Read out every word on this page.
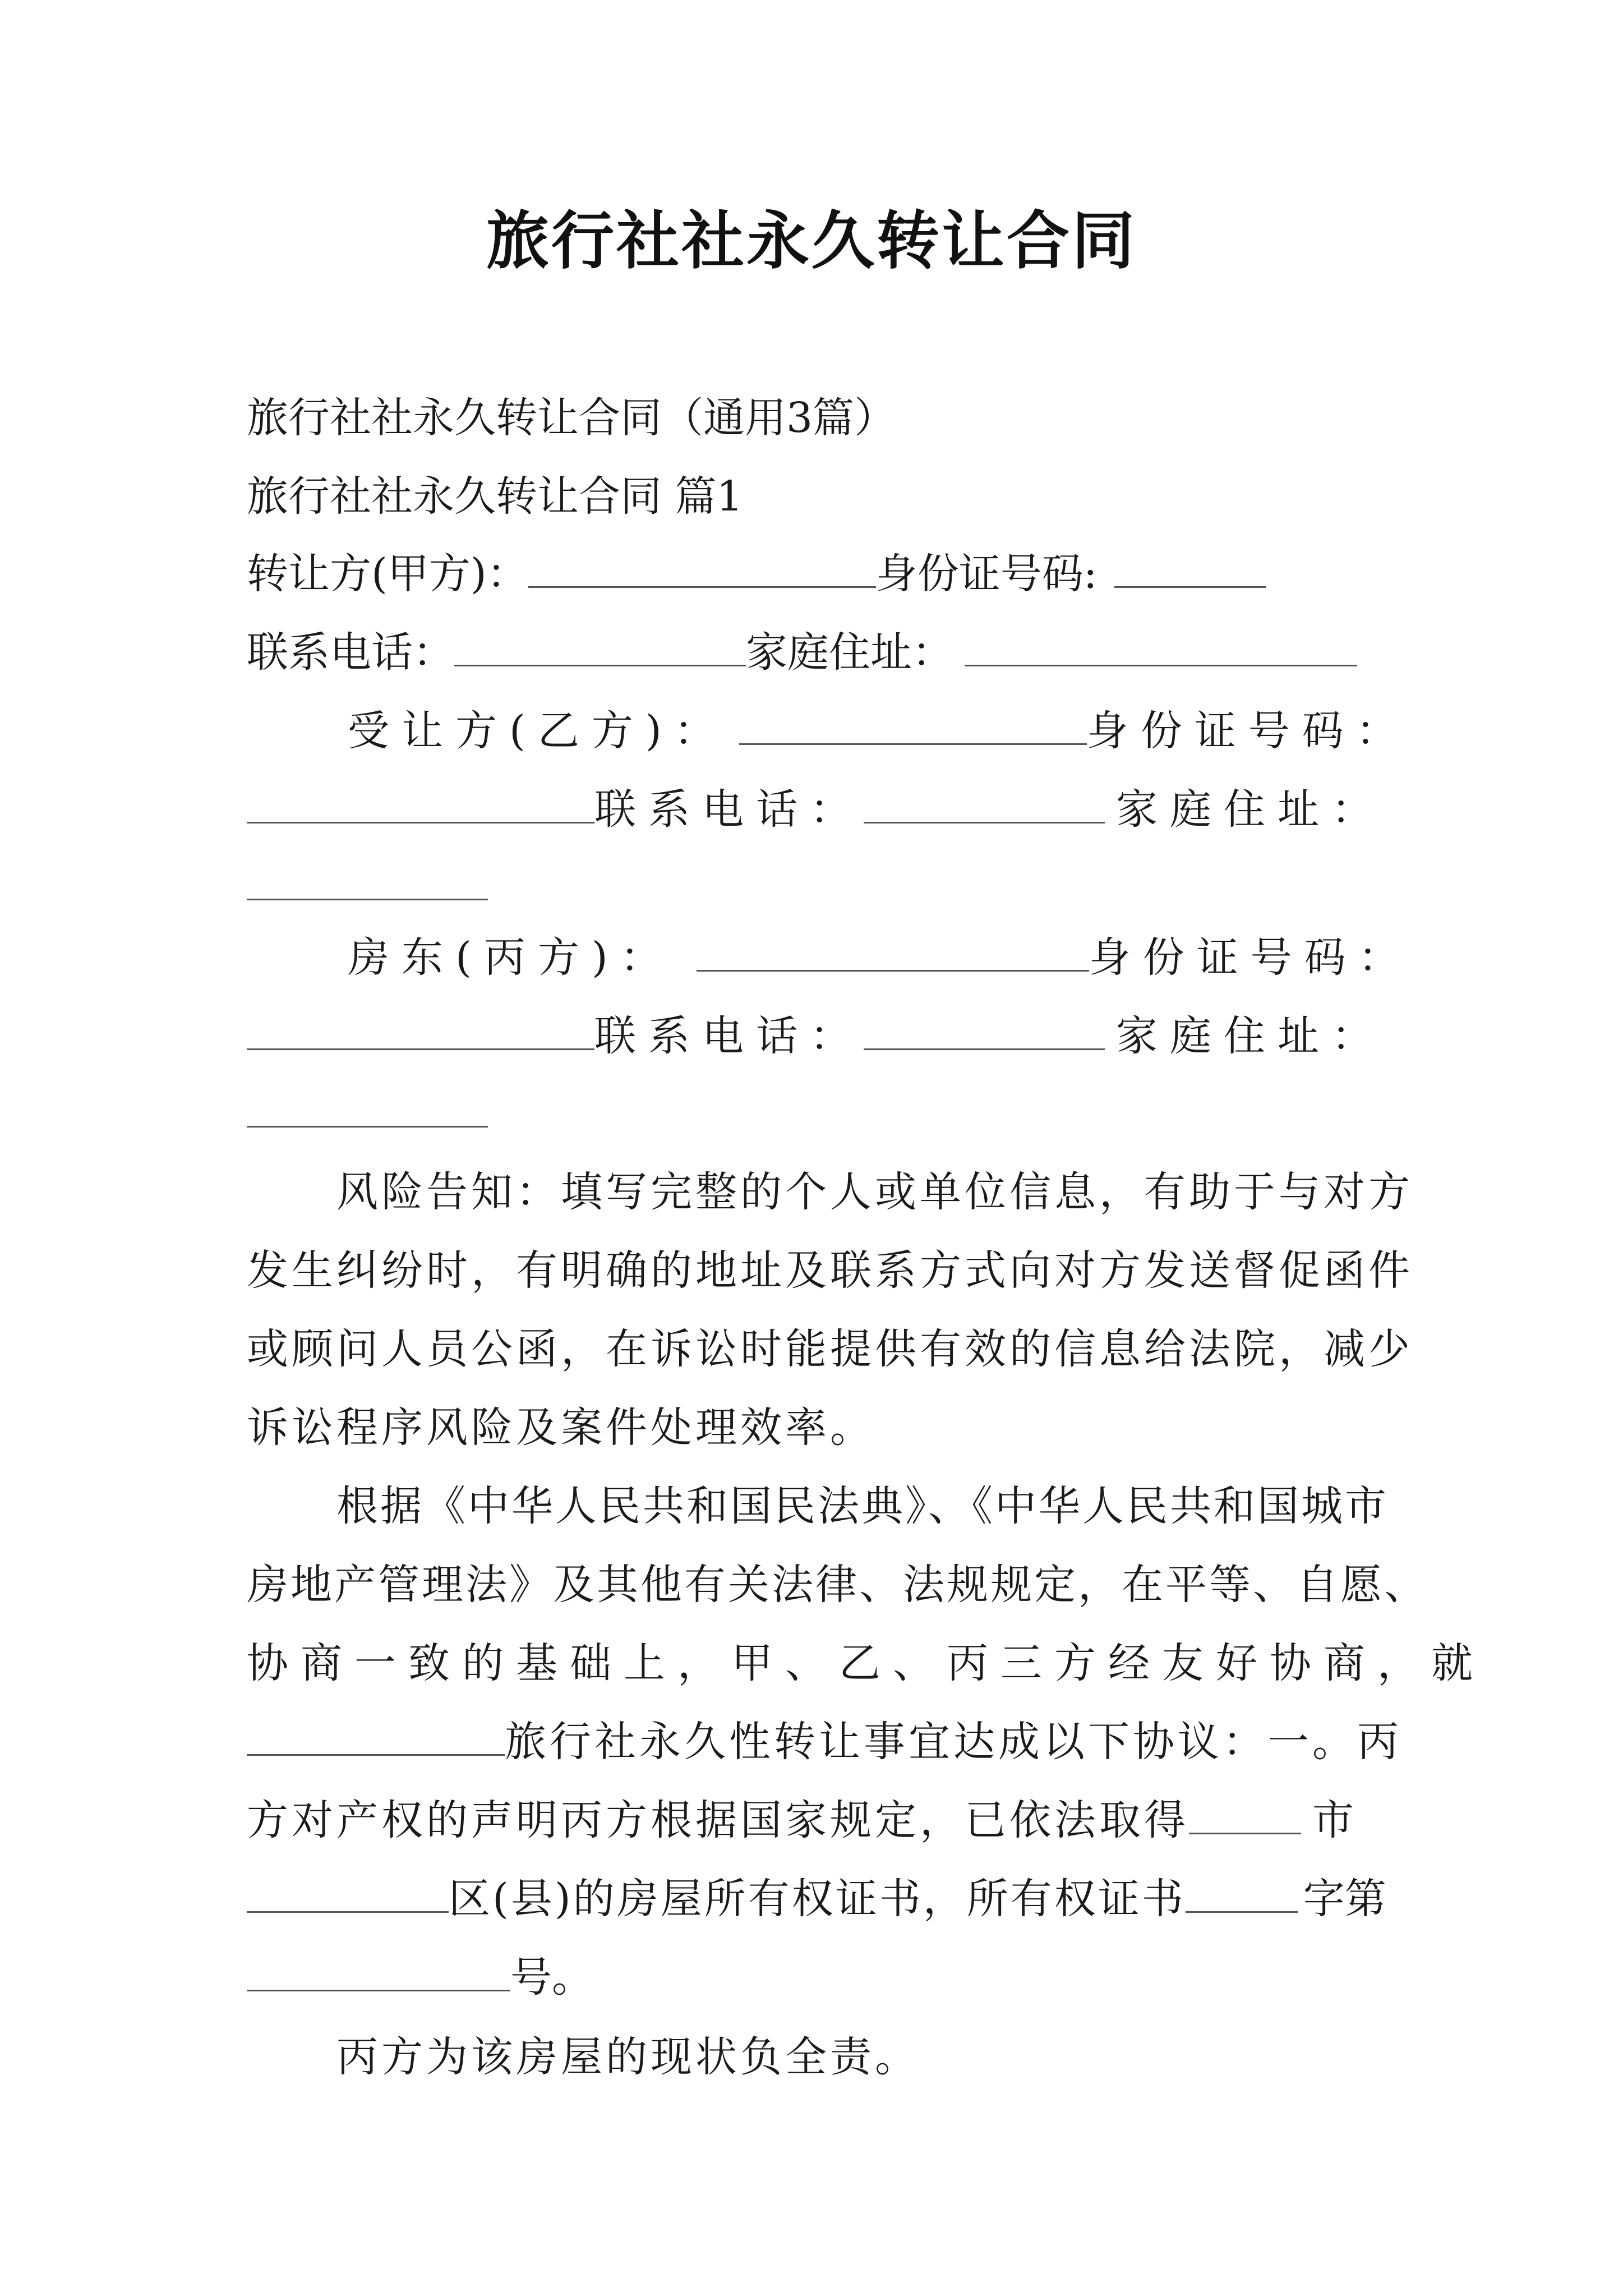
旅行社社永久转让合同
旅行社社永久转让合同（通用3篇）
旅行社社永久转让合同 篇1
转让方(甲方)：	身份证号码:
联系电话：	家庭住址：
受让方(乙方)：	身份证号码：
联系电话：	家庭住址：
房东(丙方)：	身份证号码：
联系电话：	家庭住址：
风险告知：填写完整的个人或单位信息，有助于与对方
发生纠纷时，有明确的地址及联系方式向对方发送督促函件
或顾问人员公函，在诉讼时能提供有效的信息给法院，减少
诉讼程序风险及案件处理效率。
根据《中华人民共和国民法典》、《中华人民共和国城市
房地产管理法》及其他有关法律、法规规定，在平等、自愿、
协商一致的基础上，甲、乙、丙三方经友好协商，就
旅行社永久性转让事宜达成以下协议：一。丙
方对产权的声明丙方根据国家规定，已依法取得	市
区(县)的房屋所有权证书，所有权证书	字第
号。
丙方为该房屋的现状负全责。
